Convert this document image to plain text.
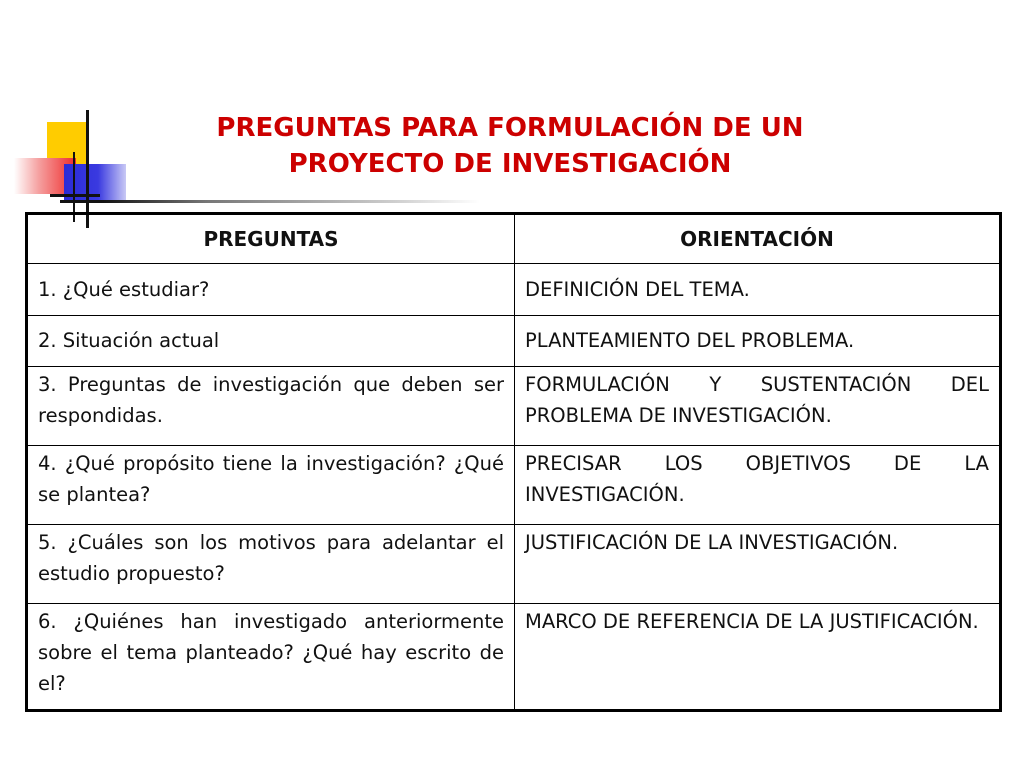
PREGUNTAS PARA FORMULACIÓN DE UN
PROYECTO DE INVESTIGACIÓN
PREGUNTAS	ORIENTACIÓN
1. ¿Qué estudiar?	DEFINICIÓN DEL TEMA.
2. Situación actual	PLANTEAMIENTO DEL PROBLEMA.
3. Preguntas de investigación que deben ser respondidas.	FORMULACIÓN Y SUSTENTACIÓN DEL PROBLEMA DE INVESTIGACIÓN.
4. ¿Qué propósito tiene la investigación? ¿Qué se plantea?	PRECISAR LOS OBJETIVOS DE LA INVESTIGACIÓN.
5. ¿Cuáles son los motivos para adelantar el estudio propuesto?	JUSTIFICACIÓN DE LA INVESTIGACIÓN.
6. ¿Quiénes han investigado anteriormente sobre el tema planteado? ¿Qué hay escrito de el?	MARCO DE REFERENCIA DE LA JUSTIFICACIÓN.
